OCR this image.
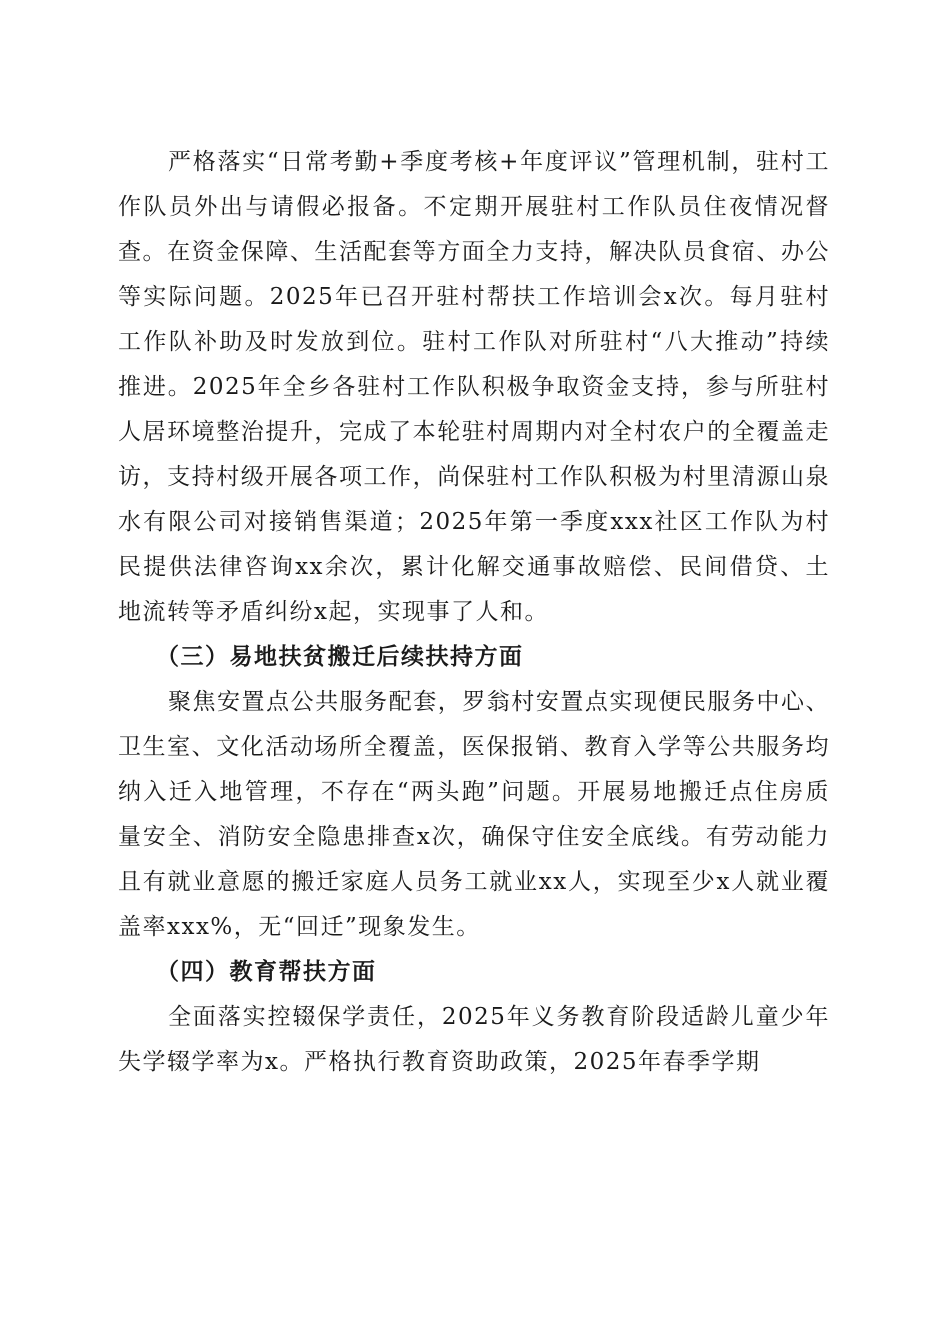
严格落实“日常考勤+季度考核+年度评议”管理机制，驻村工作队员外出与请假必报备。不定期开展驻村工作队员住夜情况督查。在资金保障、生活配套等方面全力支持，解决队员食宿、办公等实际问题。2025年已召开驻村帮扶工作培训会x次。每月驻村工作队补助及时发放到位。驻村工作队对所驻村“八大推动”持续推进。2025年全乡各驻村工作队积极争取资金支持，参与所驻村人居环境整治提升，完成了本轮驻村周期内对全村农户的全覆盖走访，支持村级开展各项工作，尚保驻村工作队积极为村里清源山泉水有限公司对接销售渠道；2025年第一季度xxx社区工作队为村民提供法律咨询xx余次，累计化解交通事故赔偿、民间借贷、土地流转等矛盾纠纷x起，实现事了人和。

（三）易地扶贫搬迁后续扶持方面

聚焦安置点公共服务配套，罗翁村安置点实现便民服务中心、卫生室、文化活动场所全覆盖，医保报销、教育入学等公共服务均纳入迁入地管理，不存在“两头跑”问题。开展易地搬迁点住房质量安全、消防安全隐患排查x次，确保守住安全底线。有劳动能力且有就业意愿的搬迁家庭人员务工就业xx人，实现至少x人就业覆盖率xxx%，无“回迁”现象发生。

（四）教育帮扶方面

全面落实控辍保学责任，2025年义务教育阶段适龄儿童少年失学辍学率为x。严格执行教育资助政策，2025年春季学期
